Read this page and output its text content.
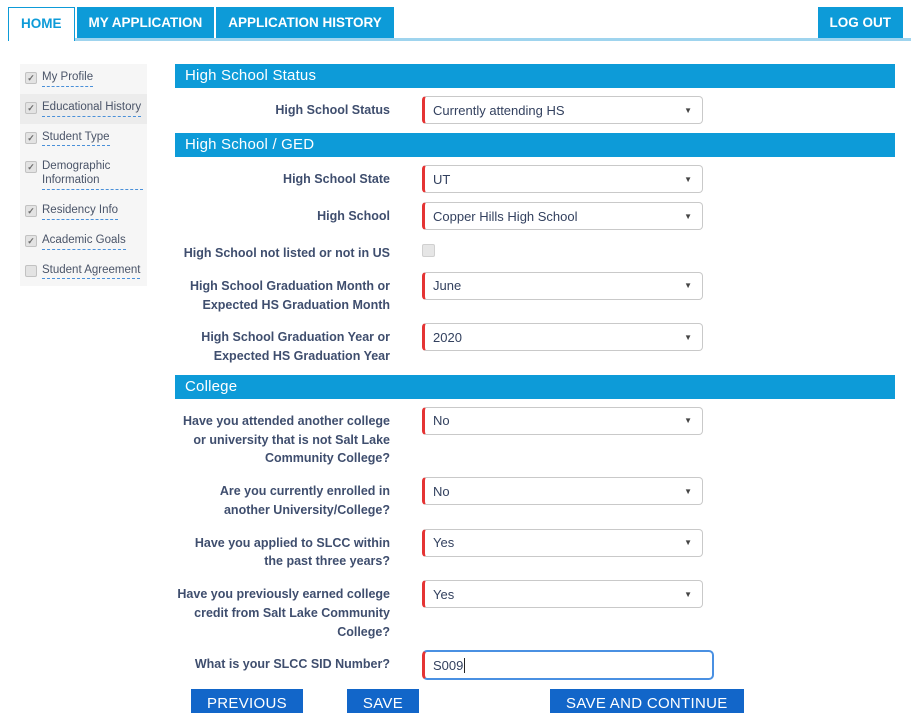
HOME	MY APPLICATION	APPLICATION HISTORY	LOG OUT
✓ My Profile
✓ Educational History
✓ Student Type
✓ Demographic Information
✓ Residency Info
✓ Academic Goals
Student Agreement
High School Status
High School Status	Currently attending HS	▼
High School / GED
High School State	UT	▼
High School	Copper Hills High School	▼
High School not listed or not in US
High School Graduation Month or Expected HS Graduation Month
June	▼
High School Graduation Year or Expected HS Graduation Year
2020	▼
College
Have you attended another college or university that is not Salt Lake Community College?
No	▼
Are you currently enrolled in another University/College?
No	▼
Have you applied to SLCC within the past three years?
Yes	▼
Have you previously earned college credit from Salt Lake Community College?
Yes	▼
What is your SLCC SID Number?	S009
PREVIOUS	SAVE	SAVE AND CONTINUE
